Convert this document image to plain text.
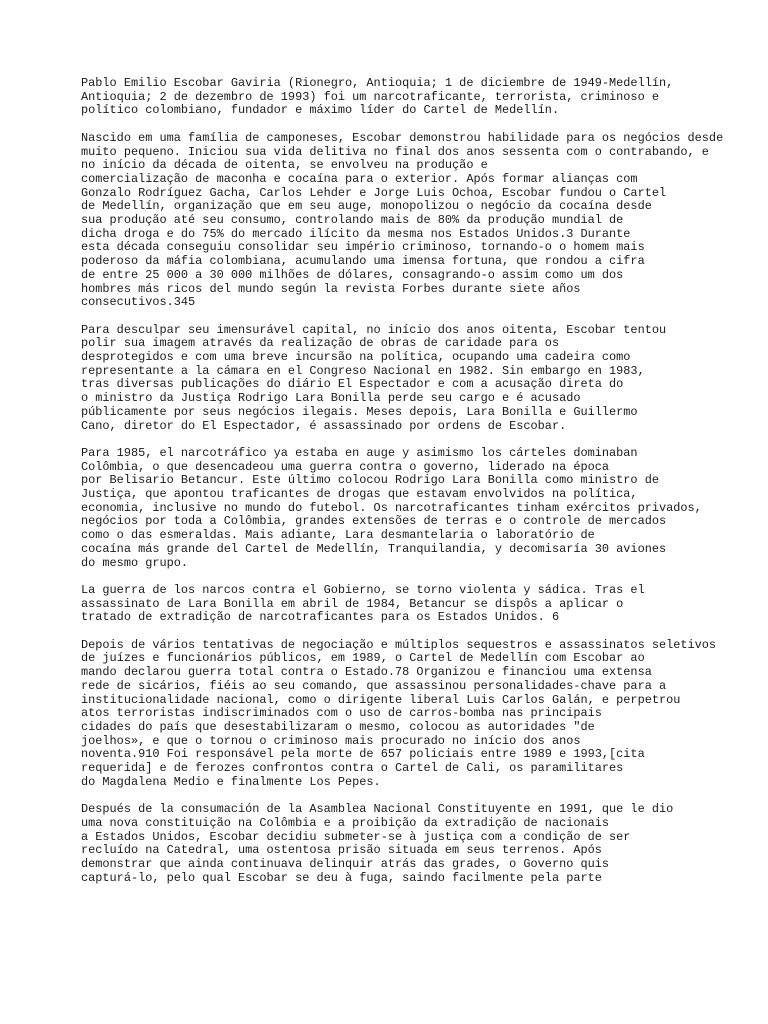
Pablo Emilio Escobar Gaviria (Rionegro, Antioquia; 1 de diciembre de 1949-Medellín,
Antioquia; 2 de dezembro de 1993) foi um narcotraficante, terrorista, criminoso e
político colombiano, fundador e máximo líder do Cartel de Medellín.
Nascido em uma família de camponeses, Escobar demonstrou habilidade para os negócios desde
muito pequeno. Iniciou sua vida delitiva no final dos anos sessenta com o contrabando, e
no início da década de oitenta, se envolveu na produção e
comercialização de maconha e cocaína para o exterior. Após formar alianças com
Gonzalo Rodríguez Gacha, Carlos Lehder e Jorge Luis Ochoa, Escobar fundou o Cartel
de Medellín, organização que em seu auge, monopolizou o negócio da cocaína desde
sua produção até seu consumo, controlando mais de 80% da produção mundial de
dicha droga e do 75% do mercado ilícito da mesma nos Estados Unidos.3 Durante
esta década conseguiu consolidar seu império criminoso, tornando-o o homem mais
poderoso da máfia colombiana, acumulando uma imensa fortuna, que rondou a cifra
de entre 25 000 a 30 000 milhões de dólares, consagrando-o assim como um dos
hombres más ricos del mundo según la revista Forbes durante siete años
consecutivos.345
Para desculpar seu imensurável capital, no início dos anos oitenta, Escobar tentou
polir sua imagem através da realização de obras de caridade para os
desprotegidos e com uma breve incursão na política, ocupando uma cadeira como
representante a la cámara en el Congreso Nacional en 1982. Sin embargo en 1983,
tras diversas publicações do diário El Espectador e com a acusação direta do
o ministro da Justiça Rodrigo Lara Bonilla perde seu cargo e é acusado
públicamente por seus negócios ilegais. Meses depois, Lara Bonilla e Guillermo
Cano, diretor do El Espectador, é assassinado por ordens de Escobar.
Para 1985, el narcotráfico ya estaba en auge y asimismo los cárteles dominaban
Colômbia, o que desencadeou uma guerra contra o governo, liderado na época
por Belisario Betancur. Este último colocou Rodrigo Lara Bonilla como ministro de
Justiça, que apontou traficantes de drogas que estavam envolvidos na política,
economia, inclusive no mundo do futebol. Os narcotraficantes tinham exércitos privados,
negócios por toda a Colômbia, grandes extensões de terras e o controle de mercados
como o das esmeraldas. Mais adiante, Lara desmantelaria o laboratório de
cocaína más grande del Cartel de Medellín, Tranquilandia, y decomisaría 30 aviones
do mesmo grupo.
La guerra de los narcos contra el Gobierno, se torno violenta y sádica. Tras el
assassinato de Lara Bonilla em abril de 1984, Betancur se dispôs a aplicar o
tratado de extradição de narcotraficantes para os Estados Unidos. 6
Depois de vários tentativas de negociação e múltiplos sequestros e assassinatos seletivos
de juízes e funcionários públicos, em 1989, o Cartel de Medellín com Escobar ao
mando declarou guerra total contra o Estado.78 Organizou e financiou uma extensa
rede de sicários, fiéis ao seu comando, que assassinou personalidades-chave para a
institucionalidade nacional, como o dirigente liberal Luis Carlos Galán, e perpetrou
atos terroristas indiscriminados com o uso de carros-bomba nas principais
cidades do país que desestabilizaram o mesmo, colocou as autoridades "de
joelhos», e que o tornou o criminoso mais procurado no início dos anos
noventa.910 Foi responsável pela morte de 657 policiais entre 1989 e 1993,[cita
requerida] e de ferozes confrontos contra o Cartel de Cali, os paramilitares
do Magdalena Medio e finalmente Los Pepes.
Después de la consumación de la Asamblea Nacional Constituyente en 1991, que le dio
uma nova constituição na Colômbia e a proibição da extradição de nacionais
a Estados Unidos, Escobar decidiu submeter-se à justiça com a condição de ser
recluído na Catedral, uma ostentosa prisão situada em seus terrenos. Após
demonstrar que ainda continuava delinquir atrás das grades, o Governo quis
capturá-lo, pelo qual Escobar se deu à fuga, saindo facilmente pela parte
